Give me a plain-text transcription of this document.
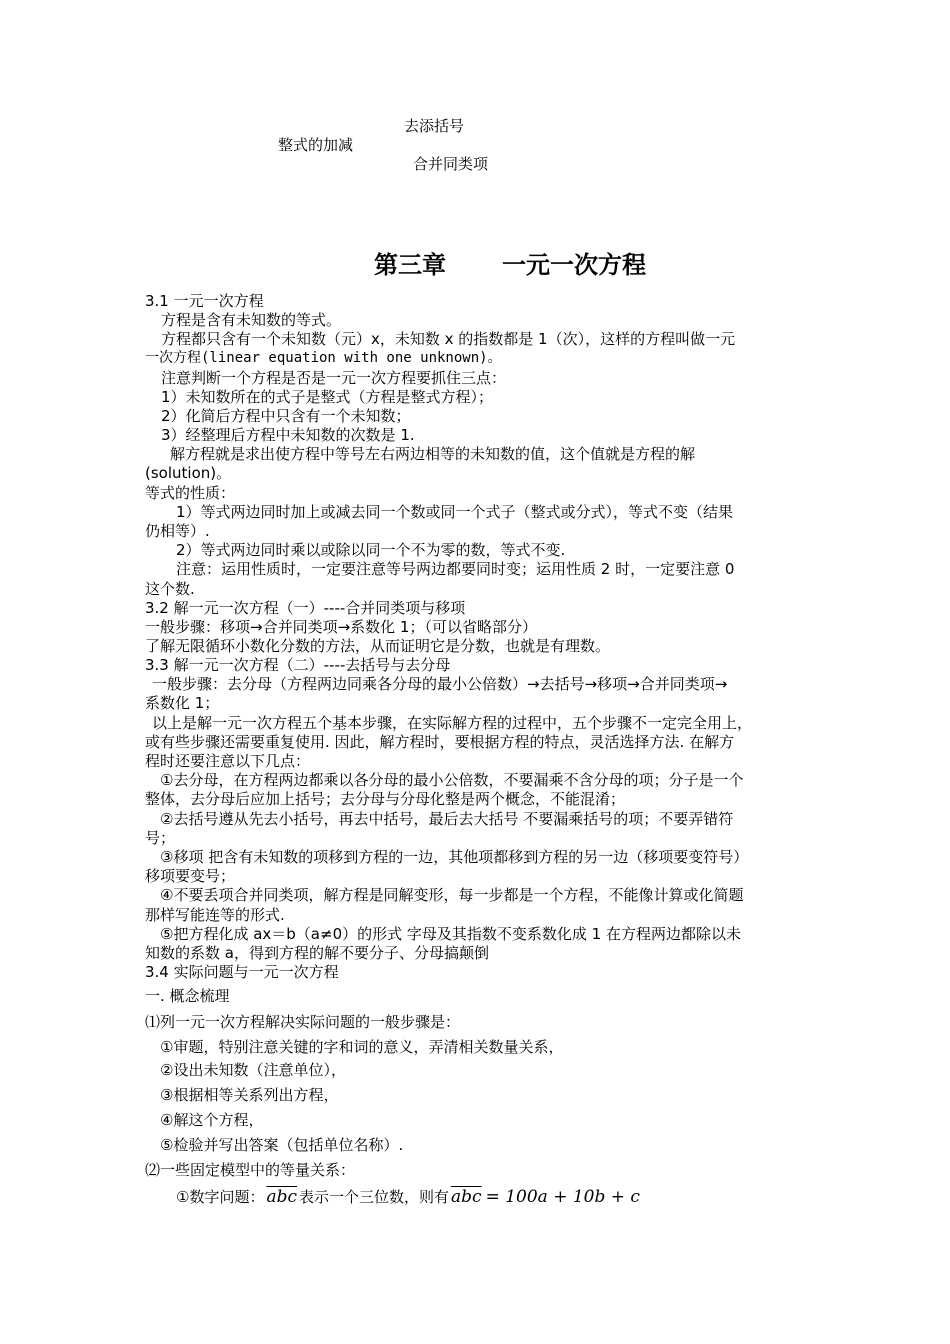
去添括号
整式的加减
合并同类项
第三章 一元一次方程
3.1 一元一次方程
方程是含有未知数的等式。
方程都只含有一个未知数（元）x，未知数 x 的指数都是 1（次），这样的方程叫做一元
一次方程(linear equation with one unknown)。
注意判断一个方程是否是一元一次方程要抓住三点：
1）未知数所在的式子是整式（方程是整式方程）；
2）化简后方程中只含有一个未知数；
3）经整理后方程中未知数的次数是 1.
解方程就是求出使方程中等号左右两边相等的未知数的值，这个值就是方程的解
(solution)。
等式的性质：
1）等式两边同时加上或减去同一个数或同一个式子（整式或分式），等式不变（结果
仍相等）.
2）等式两边同时乘以或除以同一个不为零的数，等式不变.
注意：运用性质时，一定要注意等号两边都要同时变；运用性质 2 时，一定要注意 0
这个数.
3.2 解一元一次方程（一）----合并同类项与移项
一般步骤：移项→合并同类项→系数化 1；（可以省略部分）
了解无限循环小数化分数的方法，从而证明它是分数，也就是有理数。
3.3 解一元一次方程（二）----去括号与去分母
一般步骤：去分母（方程两边同乘各分母的最小公倍数）→去括号→移项→合并同类项→
系数化 1；
以上是解一元一次方程五个基本步骤，在实际解方程的过程中，五个步骤不一定完全用上，
或有些步骤还需要重复使用. 因此，解方程时，要根据方程的特点，灵活选择方法. 在解方
程时还要注意以下几点：
①去分母，在方程两边都乘以各分母的最小公倍数，不要漏乘不含分母的项；分子是一个
整体，去分母后应加上括号；去分母与分母化整是两个概念，不能混淆；
②去括号遵从先去小括号，再去中括号，最后去大括号 不要漏乘括号的项；不要弄错符
号；
③移项 把含有未知数的项移到方程的一边，其他项都移到方程的另一边（移项要变符号）
移项要变号；
④不要丢项合并同类项，解方程是同解变形，每一步都是一个方程，不能像计算或化简题
那样写能连等的形式.
⑤把方程化成 ax＝b（a≠0）的形式 字母及其指数不变系数化成 1 在方程两边都除以未
知数的系数 a，得到方程的解不要分子、分母搞颠倒
3.4 实际问题与一元一次方程
一. 概念梳理
⑴列一元一次方程解决实际问题的一般步骤是：
①审题，特别注意关键的字和词的意义，弄清相关数量关系，
②设出未知数（注意单位），
③根据相等关系列出方程，
④解这个方程，
⑤检验并写出答案（包括单位名称）.
⑵一些固定模型中的等量关系：
①数字问题： $\overline{abc}$ 表示一个三位数，则有 $\overline{abc} = 100a + 10b + c$
